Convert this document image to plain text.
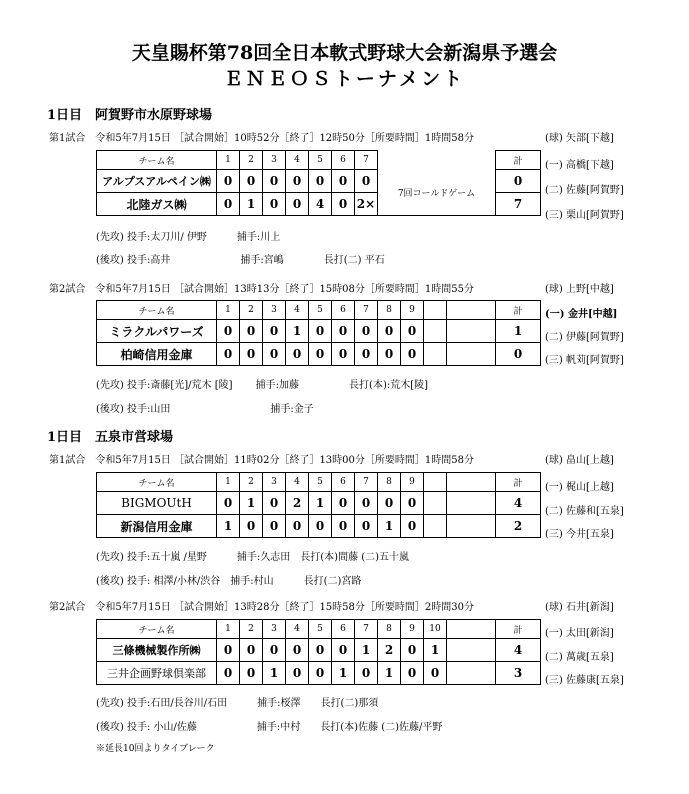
天皇賜杯第78回全日本軟式野球大会新潟県予選会
ＥＮＥＯＳトーナメント
1日目　阿賀野市水原野球場
第1試合　令和5年7月15日 ［試合開始］10時52分［終了］12時50分［所要時間］1時間58分	(球) 矢部[下越]
(一) 高橋[下越]
(二) 佐藤[阿賀野]
(三) 栗山[阿賀野]
チーム名	1	2	3	4	5	6	7		計
アルプスアルペイン㈱	0	0	0	0	0	0	0	7回コールドゲーム	0
北陸ガス㈱	0	1	0	0	4	0	2×		7
(先攻) 投手:太刀川/ 伊野　　　捕手:川上
(後攻) 投手:高井　　　　　　　捕手:宮嶋　　　　長打(二) 平石
第2試合　令和5年7月15日 ［試合開始］13時13分［終了］15時08分［所要時間］1時間55分	(球) 上野[中越]
(一) 金井[中越]
(二) 伊藤[阿賀野]
(三) 帆苅[阿賀野]
チーム名	1	2	3	4	5	6	7	8	9			計
ミラクルパワーズ	0	0	0	1	0	0	0	0	0			1
柏崎信用金庫	0	0	0	0	0	0	0	0	0			0
(先攻) 投手:斎藤[光]/荒木 [陵]　　 捕手:加藤　　　　　長打(本):荒木[陵]
(後攻) 投手:山田　　　　　　　　　　捕手:金子
1日目　五泉市営球場
第1試合　令和5年7月15日 ［試合開始］11時02分［終了］13時00分［所要時間］1時間58分	(球) 畠山[上越]
(一) 梶山[上越]
(二) 佐藤和[五泉]
(三) 今井[五泉]
チーム名	1	2	3	4	5	6	7	8	9			計
BIGMOUtH	0	1	0	2	1	0	0	0	0			4
新潟信用金庫	1	0	0	0	0	0	0	1	0			2
(先攻) 投手:五十嵐 /星野　　　捕手:久志田　長打(本)間藤 (二)五十嵐
(後攻) 投手: 相澤/小林/渋谷　捕手:村山　　　長打(二)宮路
第2試合　令和5年7月15日 ［試合開始］13時28分［終了］15時58分［所要時間］2時間30分	(球) 石井[新潟]
(一) 太田[新潟]
(二) 萬歳[五泉]
(三) 佐藤康[五泉]
チーム名	1	2	3	4	5	6	7	8	9	10		計
三條機械製作所㈱	0	0	0	0	0	0	1	2	0	1		4
三井企画野球倶楽部	0	0	1	0	0	1	0	1	0	0		3
(先攻) 投手:石田/長谷川/石田　　　捕手:桜澤　　長打(二)那須
(後攻) 投手: 小山/佐藤　　　　　　捕手:中村　　長打(本)佐藤 (二)佐藤/平野
※延長10回よりタイブレーク
